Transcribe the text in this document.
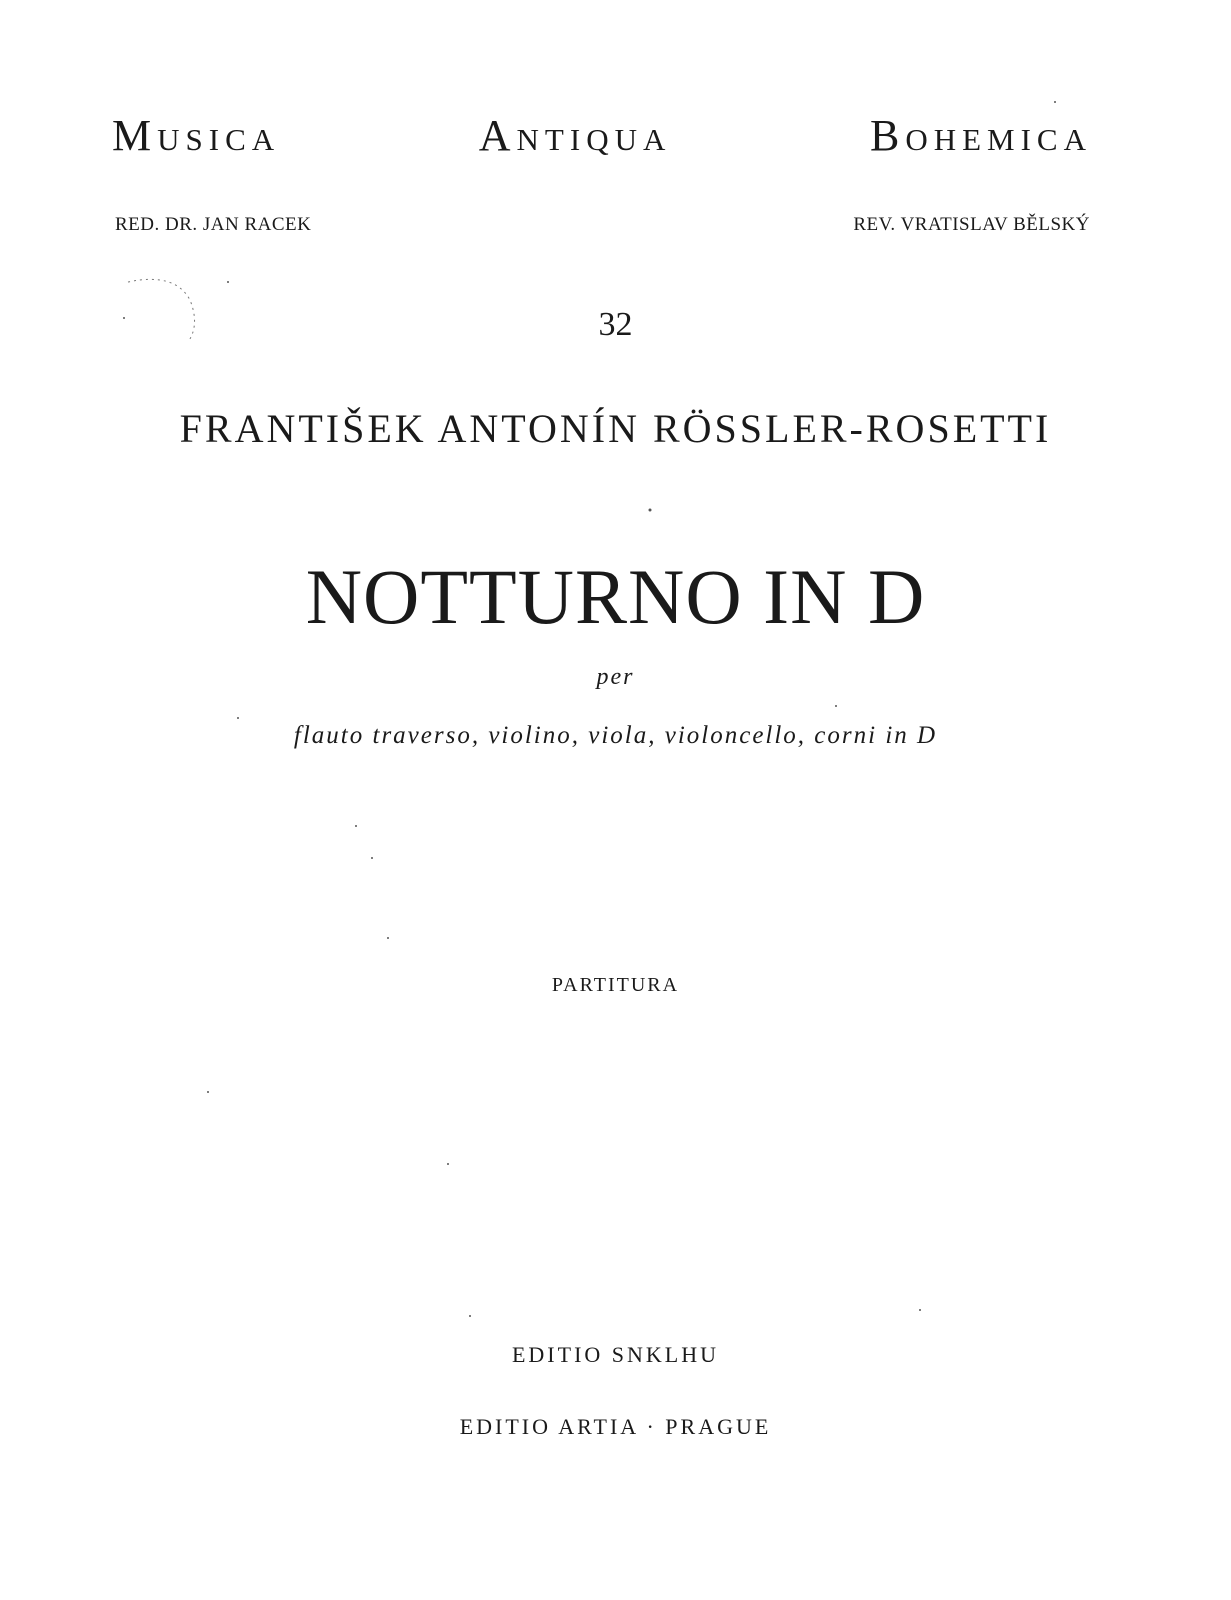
Musica	Antiqua	Bohemica
RED. DR. JAN RACEK	REV. VRATISLAV BĚLSKÝ
32
FRANTIŠEK ANTONÍN RÖSSLER-ROSETTI
NOTTURNO IN D
per
flauto traverso, violino, viola, violoncello, corni in D
PARTITURA
EDITIO SNKLHU
EDITIO ARTIA · PRAGUE
